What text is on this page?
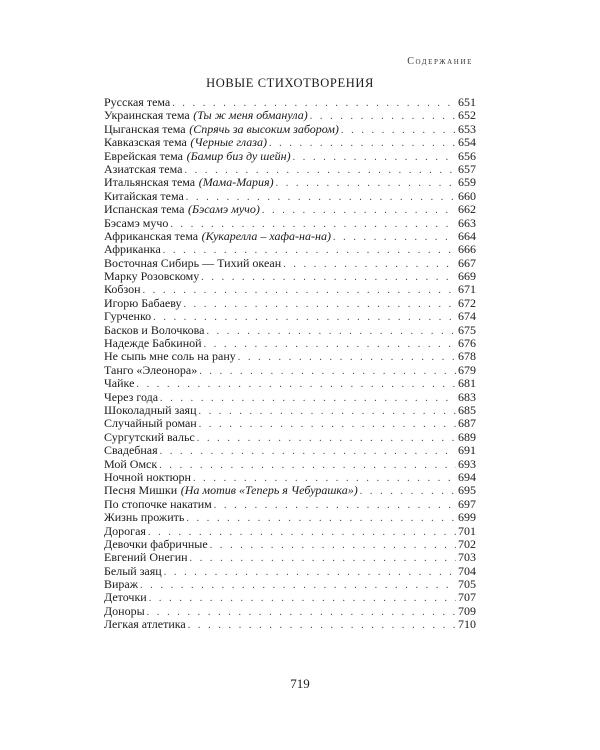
Содержание
НОВЫЕ СТИХОТВОРЕНИЯ
Русская тема . . .	651
Украинская тема (Ты ж меня обманула) . . .	652
Цыганская тема (Спрячь за высоким забором) . . .	653
Кавказская тема (Черные глаза) . . .	654
Еврейская тема (Бамир биз ду шейн) . . .	656
Азиатская тема . . .	657
Итальянская тема (Мама-Мария) . . .	659
Китайская тема . . .	660
Испанская тема (Бэсамэ мучо) . . .	662
Бэсамэ мучо . . .	663
Африканская тема (Кукарелла – хафа-на-на) . . .	664
Африканка . . .	666
Восточная Сибирь — Тихий океан . . .	667
Марку Розовскому . . .	669
Кобзон . . .	671
Игорю Бабаеву . . .	672
Гурченко . . .	674
Басков и Волочкова . . .	675
Надежде Бабкиной . . .	676
Не сыпь мне соль на рану . . .	678
Танго «Элеонора» . . .	679
Чайке . . .	681
Через года . . .	683
Шоколадный заяц . . .	685
Случайный роман . . .	687
Сургутский вальс . . .	689
Свадебная . . .	691
Мой Омск . . .	693
Ночной ноктюрн . . .	694
Песня Мишки (На мотив «Теперь я Чебурашка») . . .	695
По стопочке накатим . . .	697
Жизнь прожить . . .	699
Дорогая . . .	701
Девочки фабричные . . .	702
Евгений Онегин . . .	703
Белый заяц . . .	704
Вираж . . .	705
Деточки . . .	707
Доноры . . .	709
Легкая атлетика . . .	710
719
